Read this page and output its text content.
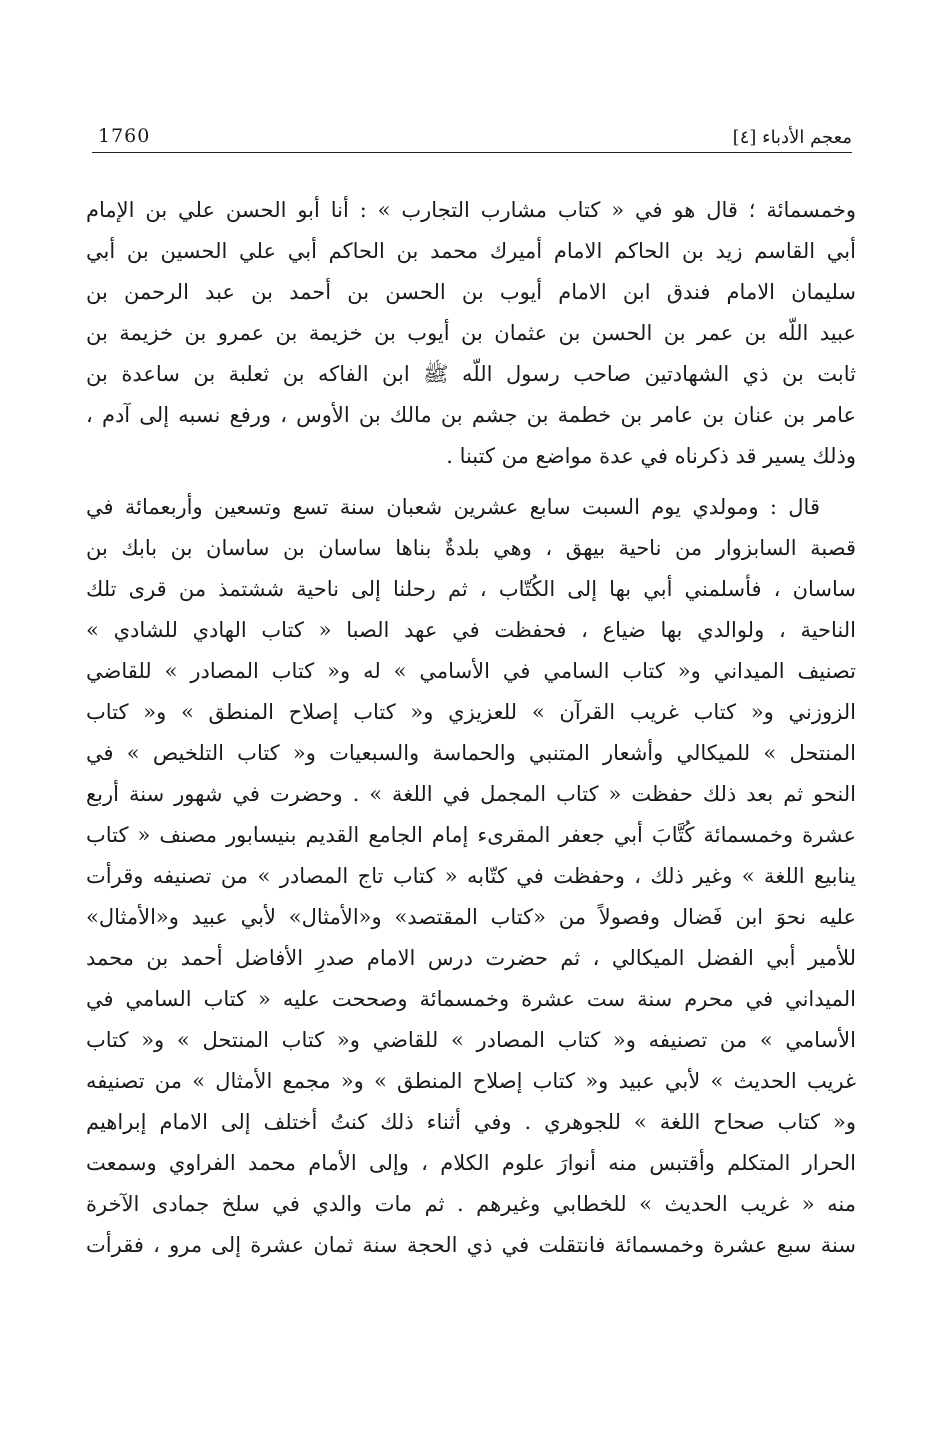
معجم الأدباء [٤]
1760
وخمسمائة ؛ قال هو في « كتاب مشارب التجارب » : أنا أبو الحسن علي بن الإمام
أبي القاسم زيد بن الحاكم الامام أميرك محمد بن الحاكم أبي علي الحسين بن أبي
سليمان الامام فندق ابن الامام أيوب بن الحسن بن أحمد بن عبد الرحمن بن
عبيد اللّه بن عمر بن الحسن بن عثمان بن أيوب بن خزيمة بن عمرو بن خزيمة بن
ثابت بن ذي الشهادتين صاحب رسول اللّه ﷺ ابن الفاكه بن ثعلبة بن ساعدة بن
عامر بن عنان بن عامر بن خطمة بن جشم بن مالك بن الأوس ، ورفع نسبه إلى آدم ،
وذلك يسير قد ذكرناه في عدة مواضع من كتبنا .
قال : ومولدي يوم السبت سابع عشرين شعبان سنة تسع وتسعين وأربعمائة في
قصبة السابزوار من ناحية بيهق ، وهي بلدةٌ بناها ساسان بن ساسان بن بابك بن
ساسان ، فأسلمني أبي بها إلى الكُتّاب ، ثم رحلنا إلى ناحية ششتمذ من قرى تلك
الناحية ، ولوالدي بها ضياع ، فحفظت في عهد الصبا « كتاب الهادي للشادي »
تصنيف الميداني و« كتاب السامي في الأسامي » له و« كتاب المصادر » للقاضي
الزوزني و« كتاب غريب القرآن » للعزيزي و« كتاب إصلاح المنطق » و« كتاب
المنتحل » للميكالي وأشعار المتنبي والحماسة والسبعيات و« كتاب التلخيص » في
النحو ثم بعد ذلك حفظت « كتاب المجمل في اللغة » . وحضرت في شهور سنة أربع
عشرة وخمسمائة كُتَّابَ أبي جعفر المقرىء إمام الجامع القديم بنيسابور مصنف « كتاب
ينابيع اللغة » وغير ذلك ، وحفظت في كتّابه « كتاب تاج المصادر » من تصنيفه وقرأت
عليه نحوَ ابن فَضال وفصولاً من «كتاب المقتصد» و«الأمثال» لأبي عبيد و«الأمثال»
للأمير أبي الفضل الميكالي ، ثم حضرت درس الامام صدرِ الأفاضل أحمد بن محمد
الميداني في محرم سنة ست عشرة وخمسمائة وصححت عليه « كتاب السامي في
الأسامي » من تصنيفه و« كتاب المصادر » للقاضي و« كتاب المنتحل » و« كتاب
غريب الحديث » لأبي عبيد و« كتاب إصلاح المنطق » و« مجمع الأمثال » من تصنيفه
و« كتاب صحاح اللغة » للجوهري . وفي أثناء ذلك كنتُ أختلف إلى الامام إبراهيم
الحرار المتكلم وأقتبس منه أنوارَ علوم الكلام ، وإلى الأمام محمد الفراوي وسمعت
منه « غريب الحديث » للخطابي وغيرهم . ثم مات والدي في سلخ جمادى الآخرة
سنة سبع عشرة وخمسمائة فانتقلت في ذي الحجة سنة ثمان عشرة إلى مرو ، فقرأت
